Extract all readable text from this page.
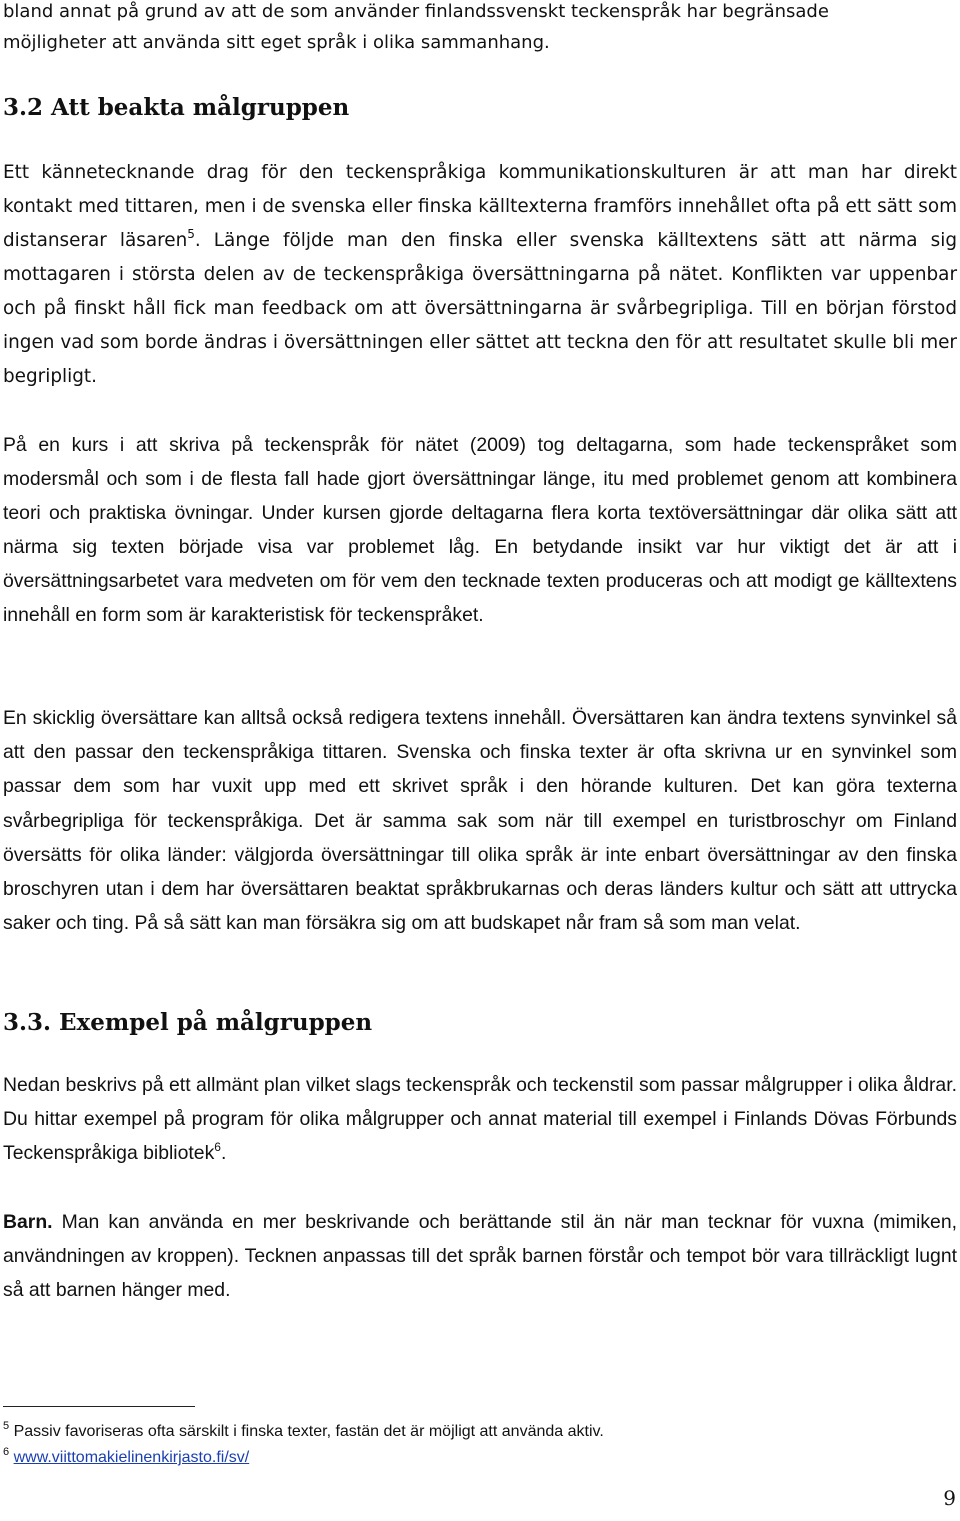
bland annat på grund av att de som använder finlandssvenskt teckenspråk har begränsade
möjligheter att använda sitt eget språk i olika sammanhang.

3.2 Att beakta målgruppen

Ett kännetecknande drag för den teckenspråkiga kommunikationskulturen är att man har direkt kontakt med tittaren, men i de svenska eller finska källtexterna framförs innehållet ofta på ett sätt som distanserar läsaren$^5$. Länge följde man den finska eller svenska källtextens sätt att närma sig mottagaren i största delen av de teckenspråkiga översättningarna på nätet. Konflikten var uppenbar och på finskt håll fick man feedback om att översättningarna är svårbegripliga. Till en början förstod ingen vad som borde ändras i översättningen eller sättet att teckna den för att resultatet skulle bli mer begripligt.

På en kurs i att skriva på teckenspråk för nätet (2009) tog deltagarna, som hade teckenspråket som modersmål och som i de flesta fall hade gjort översättningar länge, itu med problemet genom att kombinera teori och praktiska övningar. Under kursen gjorde deltagarna flera korta textöversättningar där olika sätt att närma sig texten började visa var problemet låg. En betydande insikt var hur viktigt det är att i översättningsarbetet vara medveten om för vem den tecknade texten produceras och att modigt ge källtextens innehåll en form som är karakteristisk för teckenspråket.

En skicklig översättare kan alltså också redigera textens innehåll. Översättaren kan ändra textens synvinkel så att den passar den teckenspråkiga tittaren. Svenska och finska texter är ofta skrivna ur en synvinkel som passar dem som har vuxit upp med ett skrivet språk i den hörande kulturen. Det kan göra texterna svårbegripliga för teckenspråkiga. Det är samma sak som när till exempel en turistbroschyr om Finland översätts för olika länder: välgjorda översättningar till olika språk är inte enbart översättningar av den finska broschyren utan i dem har översättaren beaktat språkbrukarnas och deras länders kultur och sätt att uttrycka saker och ting. På så sätt kan man försäkra sig om att budskapet når fram så som man velat.

3.3. Exempel på målgruppen

Nedan beskrivs på ett allmänt plan vilket slags teckenspråk och teckenstil som passar målgrupper i olika åldrar. Du hittar exempel på program för olika målgrupper och annat material till exempel i Finlands Dövas Förbunds Teckenspråkiga bibliotek$^6$.

Barn. Man kan använda en mer beskrivande och berättande stil än när man tecknar för vuxna (mimiken, användningen av kroppen). Tecknen anpassas till det språk barnen förstår och tempot bör vara tillräckligt lugnt så att barnen hänger med.

$^5$ Passiv favoriseras ofta särskilt i finska texter, fastän det är möjligt att använda aktiv.
$^6$ www.viittomakielinenkirjasto.fi/sv/
9
